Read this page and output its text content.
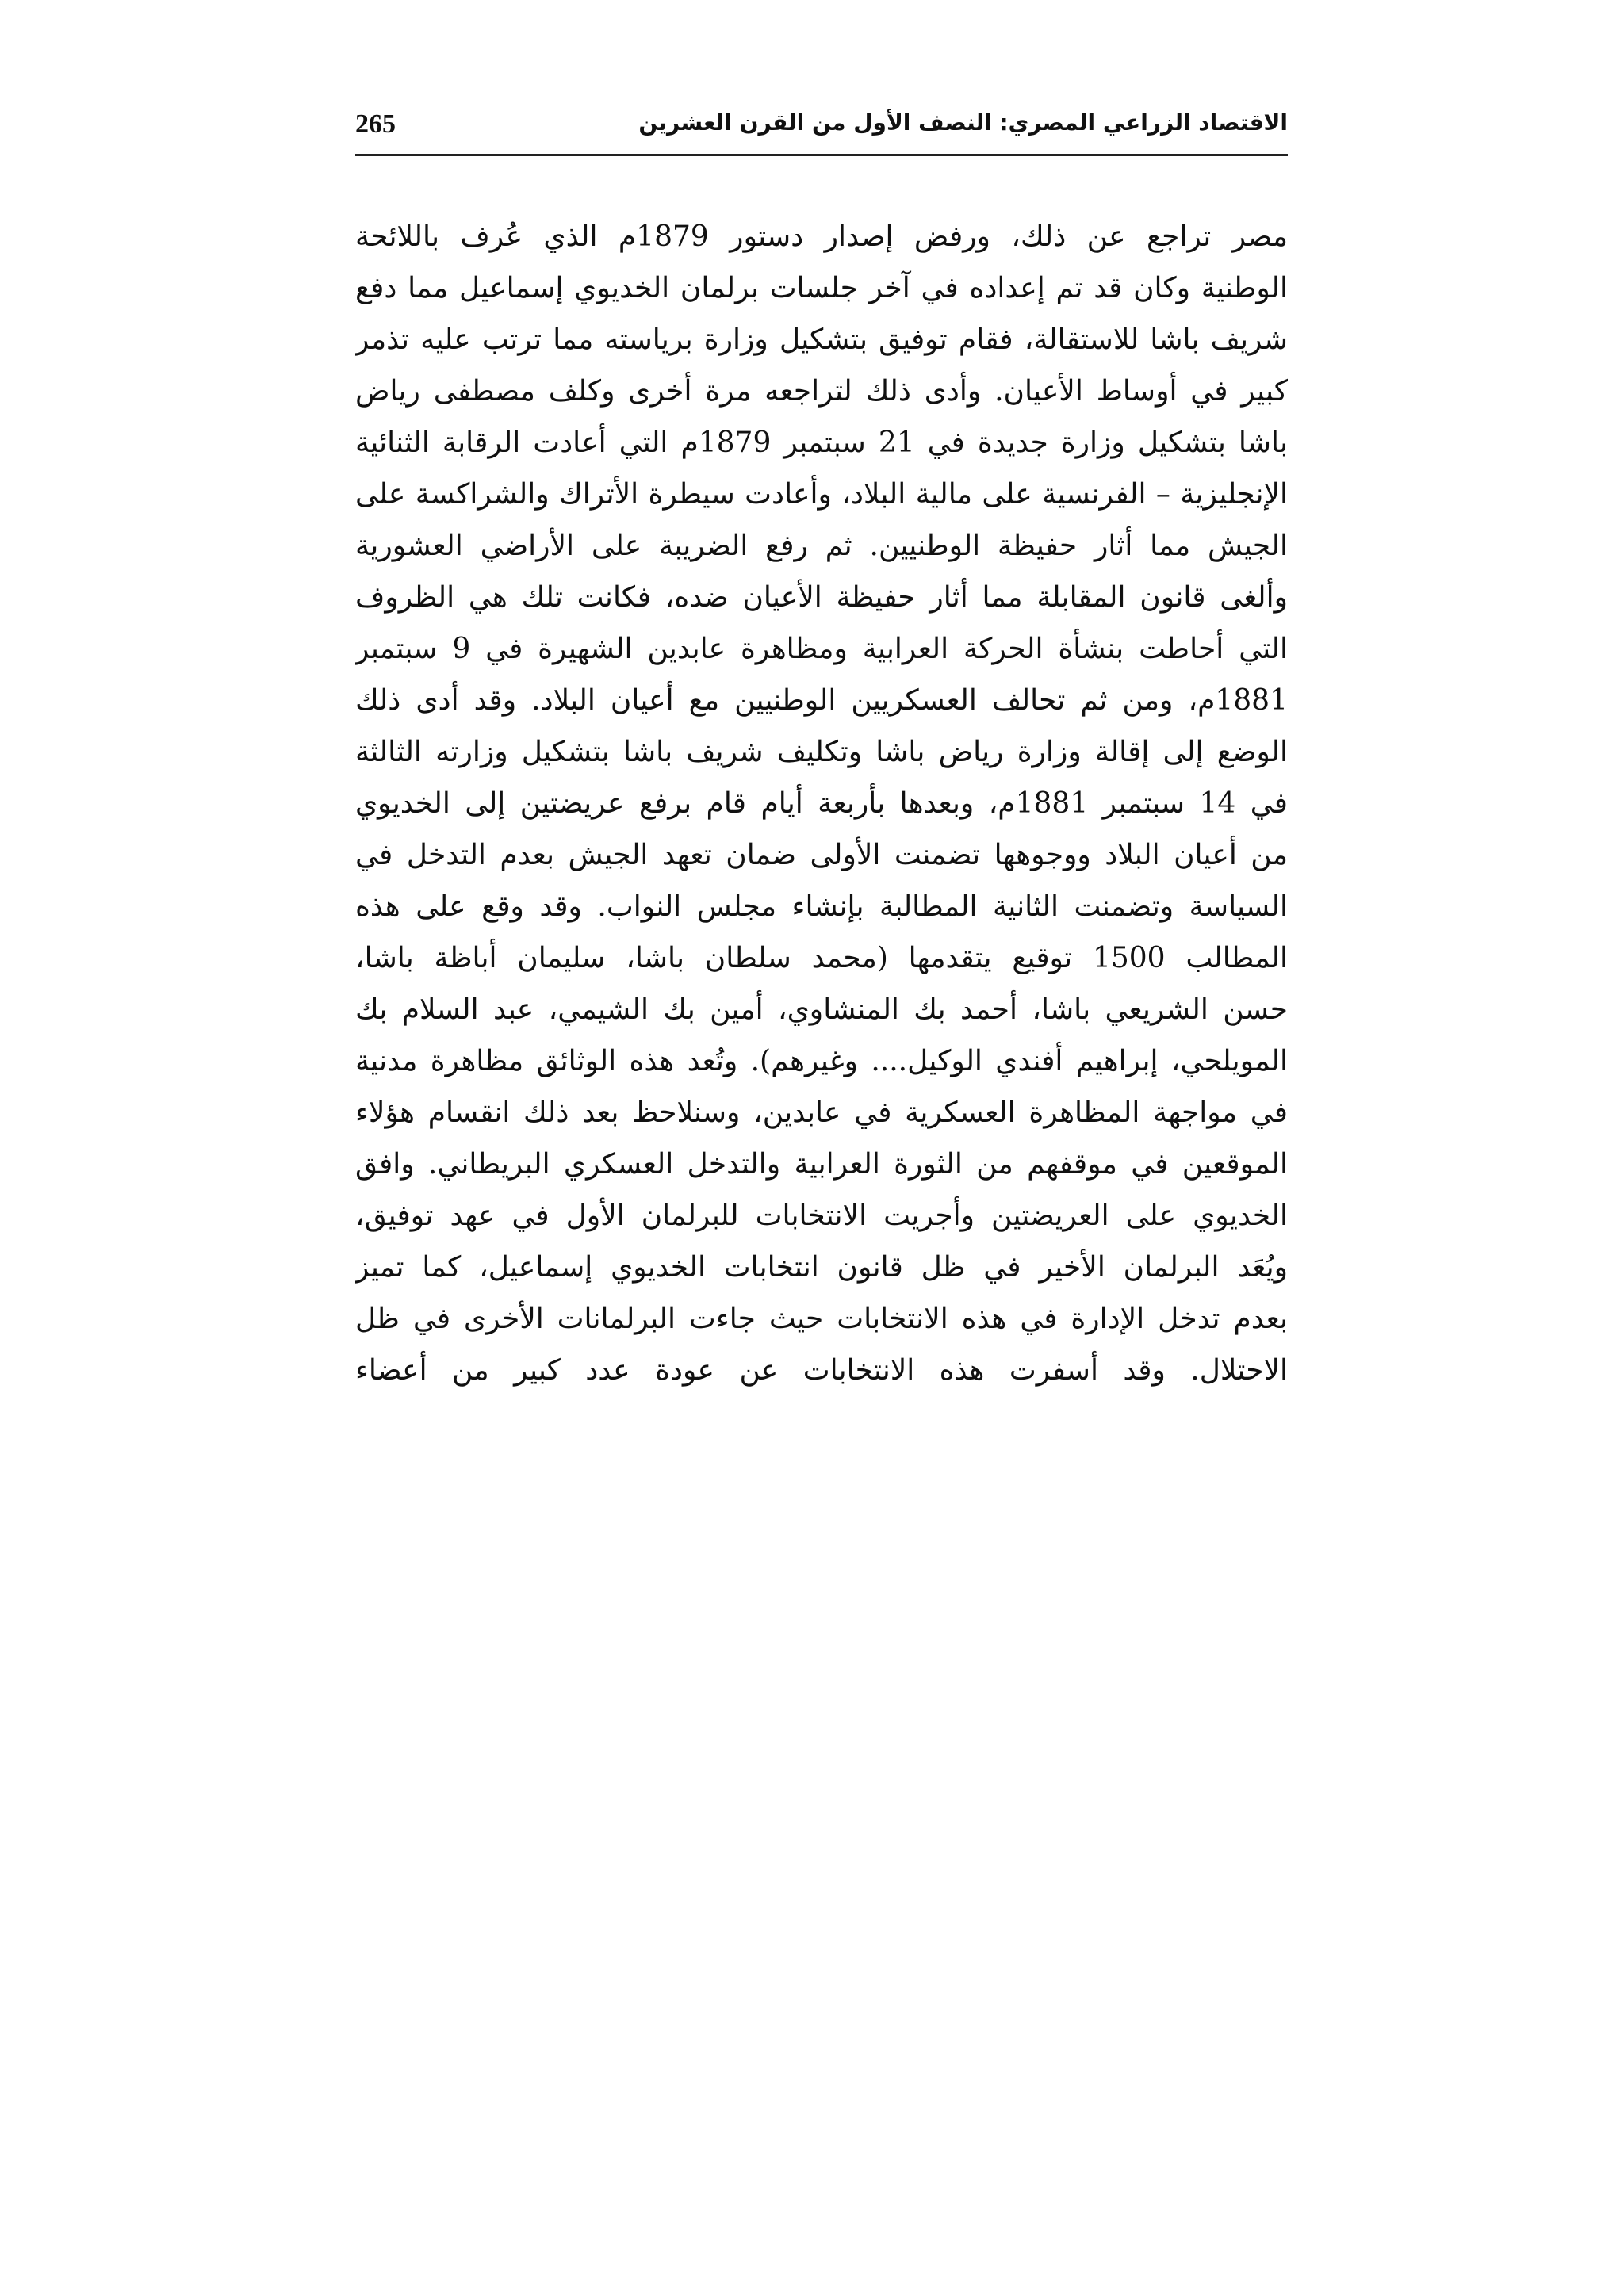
265	الاقتصاد الزراعي المصري: النصف الأول من القرن العشرين
مصر تراجع عن ذلك، ورفض إصدار دستور 1879م الذي عُرف باللائحة
الوطنية وكان قد تم إعداده في آخر جلسات برلمان الخديوي إسماعيل مما دفع
شريف باشا للاستقالة، فقام توفيق بتشكيل وزارة برياسته مما ترتب عليه تذمر
كبير في أوساط الأعيان. وأدى ذلك لتراجعه مرة أخرى وكلف مصطفى رياض
باشا بتشكيل وزارة جديدة في 21 سبتمبر 1879م التي أعادت الرقابة الثنائية
الإنجليزية – الفرنسية على مالية البلاد، وأعادت سيطرة الأتراك والشراكسة على
الجيش مما أثار حفيظة الوطنيين. ثم رفع الضريبة على الأراضي العشورية
وألغى قانون المقابلة مما أثار حفيظة الأعيان ضده، فكانت تلك هي الظروف
التي أحاطت بنشأة الحركة العرابية ومظاهرة عابدين الشهيرة في 9 سبتمبر
1881م، ومن ثم تحالف العسكريين الوطنيين مع أعيان البلاد. وقد أدى ذلك
الوضع إلى إقالة وزارة رياض باشا وتكليف شريف باشا بتشكيل وزارته الثالثة
في 14 سبتمبر 1881م، وبعدها بأربعة أيام قام برفع عريضتين إلى الخديوي
من أعيان البلاد ووجوهها تضمنت الأولى ضمان تعهد الجيش بعدم التدخل في
السياسة وتضمنت الثانية المطالبة بإنشاء مجلس النواب. وقد وقع على هذه
المطالب 1500 توقيع يتقدمها (محمد سلطان باشا، سليمان أباظة باشا،
حسن الشريعي باشا، أحمد بك المنشاوي، أمين بك الشيمي، عبد السلام بك
المويلحي، إبراهيم أفندي الوكيل.... وغيرهم). وتُعد هذه الوثائق مظاهرة مدنية
في مواجهة المظاهرة العسكرية في عابدين، وسنلاحظ بعد ذلك انقسام هؤلاء
الموقعين في موقفهم من الثورة العرابية والتدخل العسكري البريطاني. وافق
الخديوي على العريضتين وأجريت الانتخابات للبرلمان الأول في عهد توفيق،
ويُعَد البرلمان الأخير في ظل قانون انتخابات الخديوي إسماعيل، كما تميز
بعدم تدخل الإدارة في هذه الانتخابات حيث جاءت البرلمانات الأخرى في ظل
الاحتلال. وقد أسفرت هذه الانتخابات عن عودة عدد كبير من أعضاء
